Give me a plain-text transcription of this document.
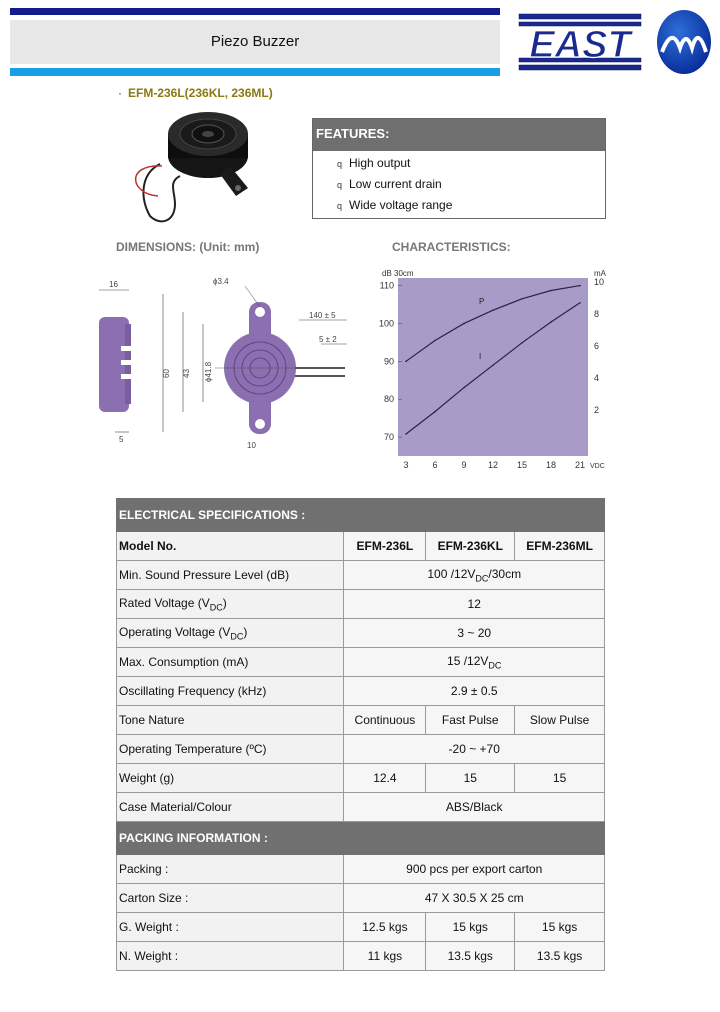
Piezo Buzzer	EAST
· EFM-236L(236KL, 236ML)
FEATURES:
q High output
q Low current drain
q Wide voltage range
DIMENSIONS: (Unit: mm)	CHARACTERISTICS:
16
5
60 43 ϕ41.8
ϕ3.4
10
140 ± 5
5 ± 2
3	6	9 12 15 18 21
110
100
90
80
70
10
8
6
4
2
dB 30cm	mA
VDC
P
I
ELECTRICAL SPECIFICATIONS :			
Model No.	EFM-236L	EFM-236KL	EFM-236ML
Min. Sound Pressure Level (dB)	100 $/12V_{DC}/30cm$		
Rated Voltage $(V_{DC})$	12		
Operating Voltage $(V_{DC})$	3 ~ 20		
Max. Consumption (mA)	15 $/12V_{DC}$
Oscillating Frequency (kHz)	2.9 ± 0.5		
Tone Nature	Continuous	Fast Pulse	Slow Pulse
Operating Temperature (ºC)	-20 ~ +70		
Weight (g)	12.4	15	15
Case Material/Colour	ABS/Black		
PACKING INFORMATION :			
Packing :	900 pcs per export carton		
Carton Size :	47 X 30.5 X 25 cm		
G. Weight :	12.5 kgs	15 kgs	15 kgs
N. Weight :	11 kgs	13.5 kgs	13.5 kgs
